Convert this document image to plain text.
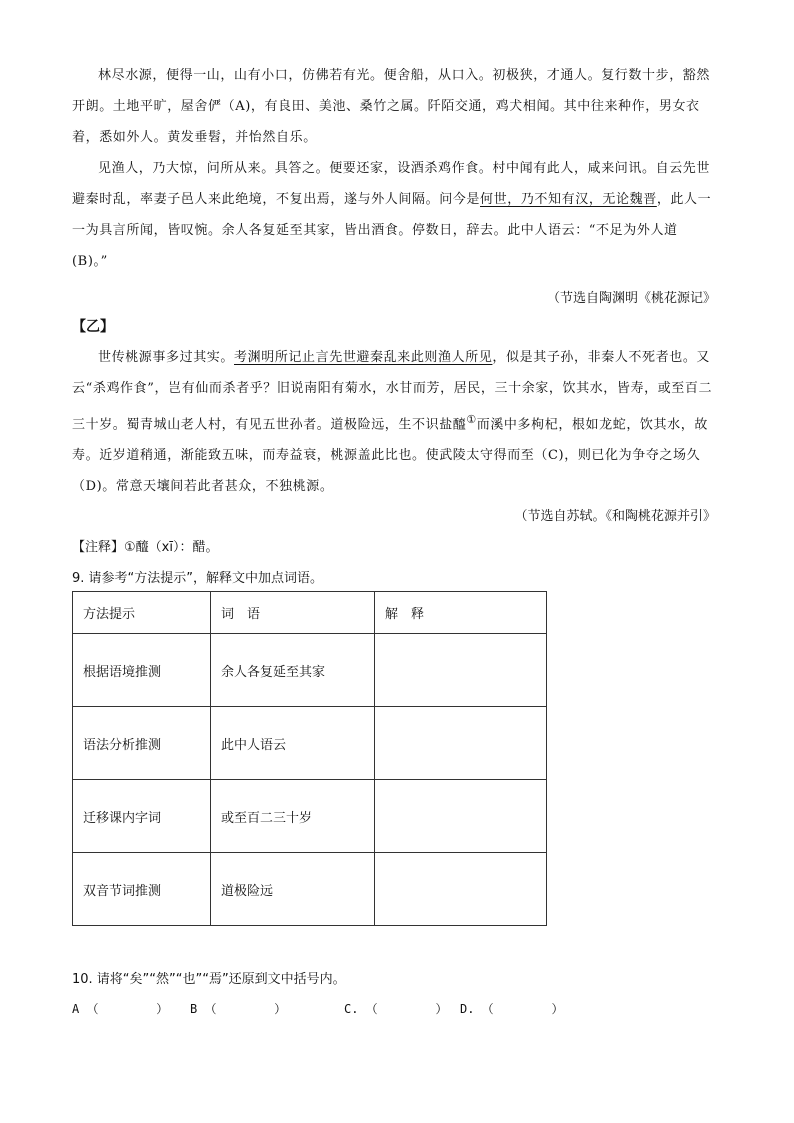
林尽水源，便得一山，山有小口，仿佛若有光。便舍船，从口入。初极狭，才通人。复行数十步，豁然开朗。土地平旷，屋舍俨（A)，有良田、美池、桑竹之属。阡陌交通，鸡犬相闻。其中往来种作，男女衣着，悉如外人。黄发垂髫，并怡然自乐。

见渔人，乃大惊，问所从来。具答之。便要还家，设酒杀鸡作食。村中闻有此人，咸来问讯。自云先世避秦时乱，率妻子邑人来此绝境，不复出焉，遂与外人间隔。问今是何世，乃不知有汉，无论魏晋，此人一一为具言所闻，皆叹惋。余人各复延至其家，皆出酒食。停数日，辞去。此中人语云：“不足为外人道　(B)。”

（节选自陶渊明《桃花源记》
【乙】

世传桃源事多过其实。考渊明所记止言先世避秦乱来此则渔人所见，似是其子孙，非秦人不死者也。又云“杀鸡作食”，岂有仙而杀者乎？旧说南阳有菊水，水甘而芳，居民，三十余家，饮其水，皆寿，或至百二三十岁。蜀青城山老人村，有见五世孙者。道极险远，生不识盐醯①而溪中多枸杞，根如龙蛇，饮其水，故寿。近岁道稍通，渐能致五味，而寿益衰，桃源盖此比也。使武陵太守得而至（C)，则已化为争夺之场久（D)。常意天壤间若此者甚众，不独桃源。

（节选自苏轼。《和陶桃花源并引》
【注释】①醯（xī）：醋。
9. 请参考“方法提示”，解释文中加点词语。
方法提示	词　语	解　释
根据语境推测	余人各复延至其家	
语法分析推测	此中人语云	
迁移课内字词	或至百二三十岁	
双音节词推测	道极险远	
10. 请将“矣”“然”“也”“焉”还原到文中括号内。
A （        ） B （        ）	C. （        ） D. （        ）
